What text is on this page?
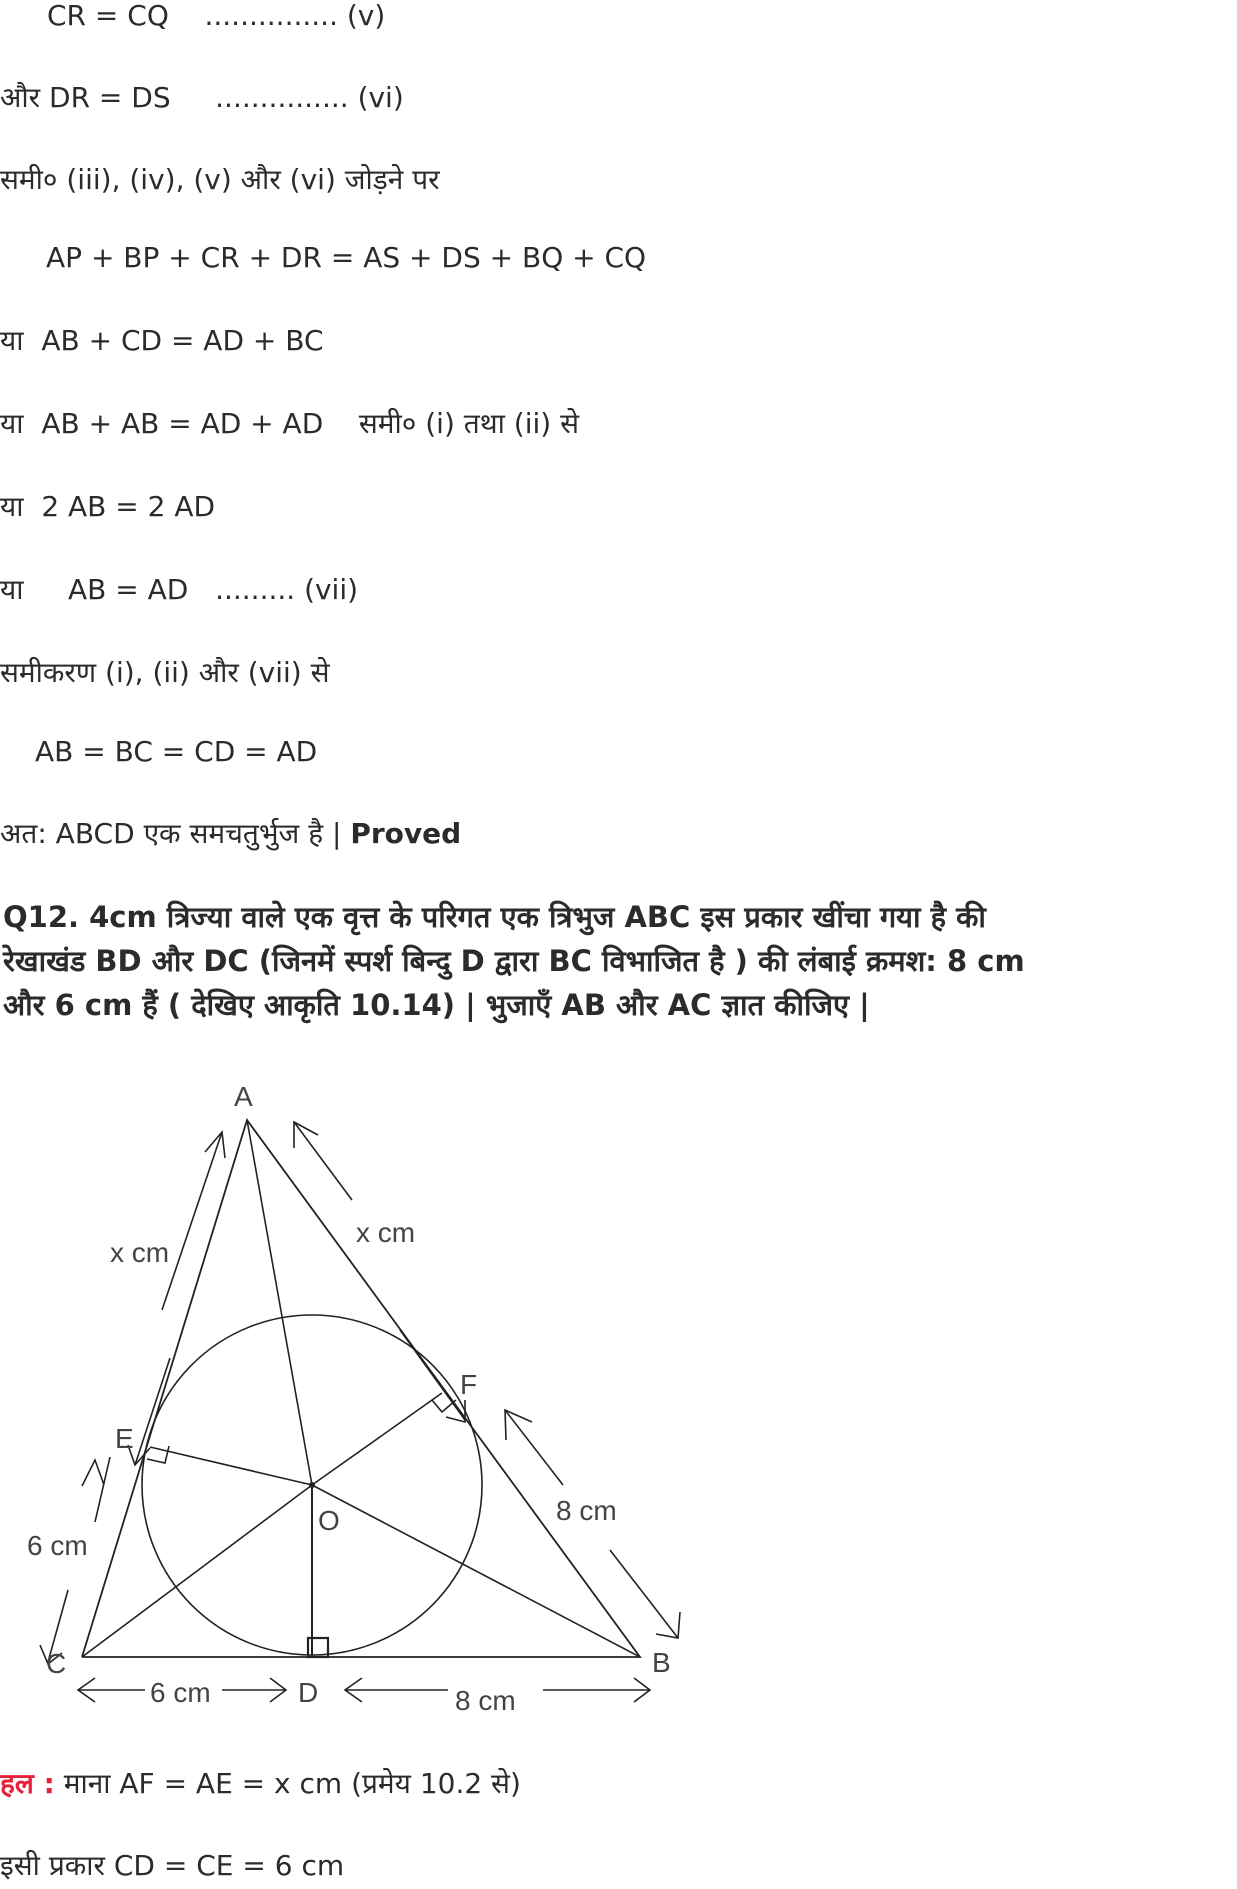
CR = CQ ............... (v)
और DR = DS ............... (vi)
समी० (iii), (iv), (v) और (vi) जोड़ने पर
AP + BP + CR + DR = AS + DS + BQ + CQ
या AB + CD = AD + BC
या AB + AB = AD + AD समी० (i) तथा (ii) से
या 2 AB = 2 AD
या AB = AD ......... (vii)
समीकरण (i), (ii) और (vii) से
AB = BC = CD = AD
अत: ABCD एक समचतुर्भुज है | Proved
Q12. 4cm त्रिज्या वाले एक वृत्त के परिगत एक त्रिभुज ABC इस प्रकार खींचा गया है की
रेखाखंड BD और DC (जिनमें स्पर्श बिन्दु D द्वारा BC विभाजित है ) की लंबाई क्रमश: 8 cm
और 6 cm हैं ( देखिए आकृति 10.14) | भुजाएँ AB और AC ज्ञात कीजिए |
A
B
C
D
E
F
O
x cm
x cm
6 cm
8 cm
6 cm	8 cm
हल : माना AF = AE = x cm (प्रमेय 10.2 से)
इसी प्रकार CD = CE = 6 cm
